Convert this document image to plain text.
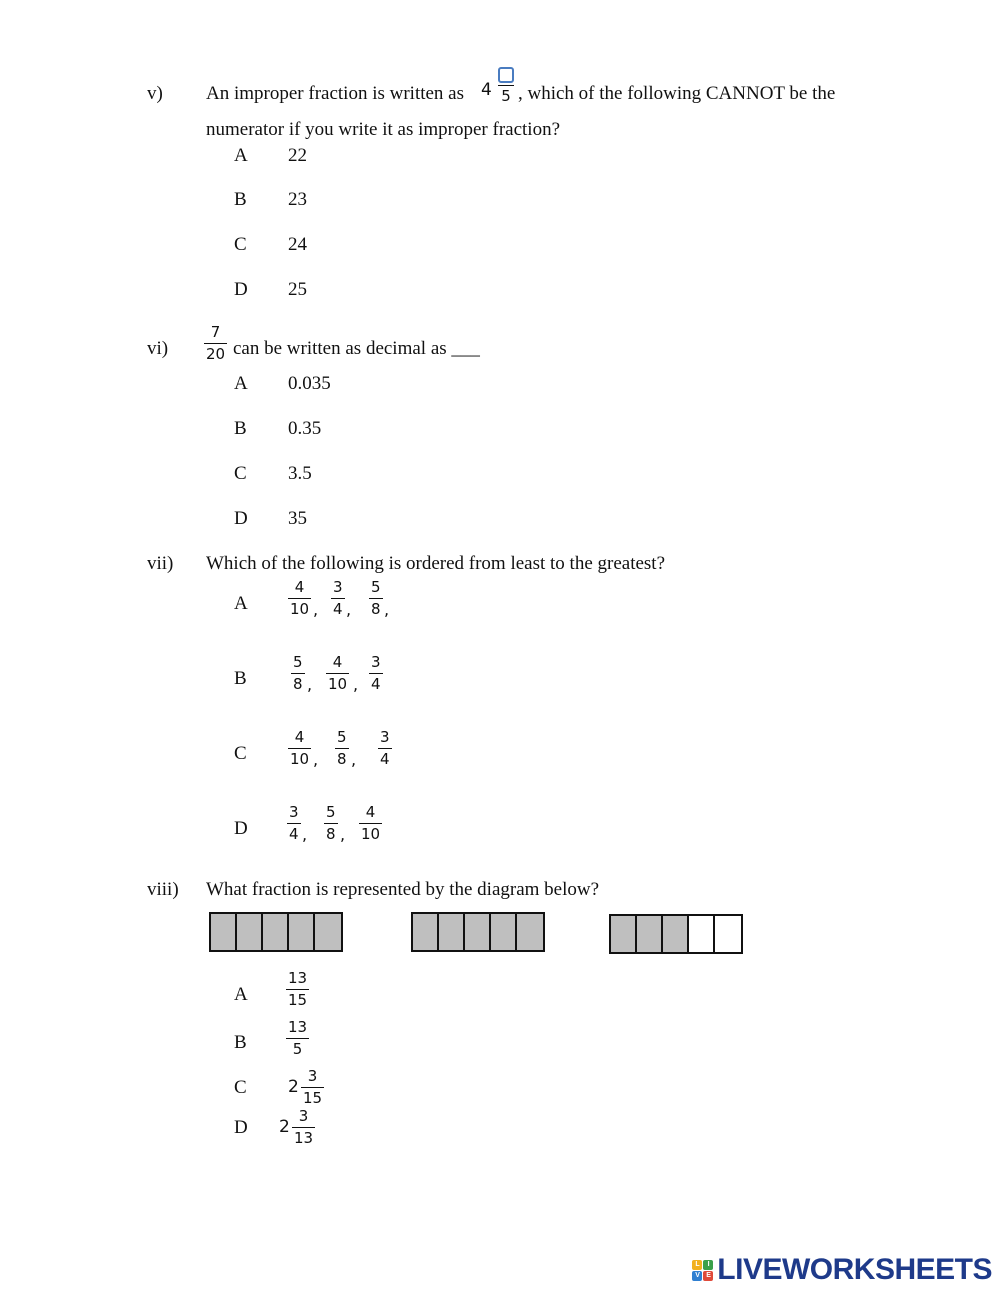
v) An improper fraction is written as 4 5 , which of the following CANNOT be the
numerator if you write it as improper fraction?
A 22
B 23
C 24
D 25
vi)
7
20 can be written as decimal as ___
A 0.035
B 0.35
C 3.5
D 35
vii) Which of the following is ordered from least to the greatest?
A
4
10 ,
3
4 ,
5
8 ,
B
5
8 ,
4
10 ,
3
4
C
4
10 ,
5
8 ,
3
4
D
3
4 ,
5
8 ,
4
10
viii) What fraction is represented by the diagram below?
A
13
15
B
13
5
C 2
3
15
D 2
3
13
L	I
V E LIVEWORKSHEETS
